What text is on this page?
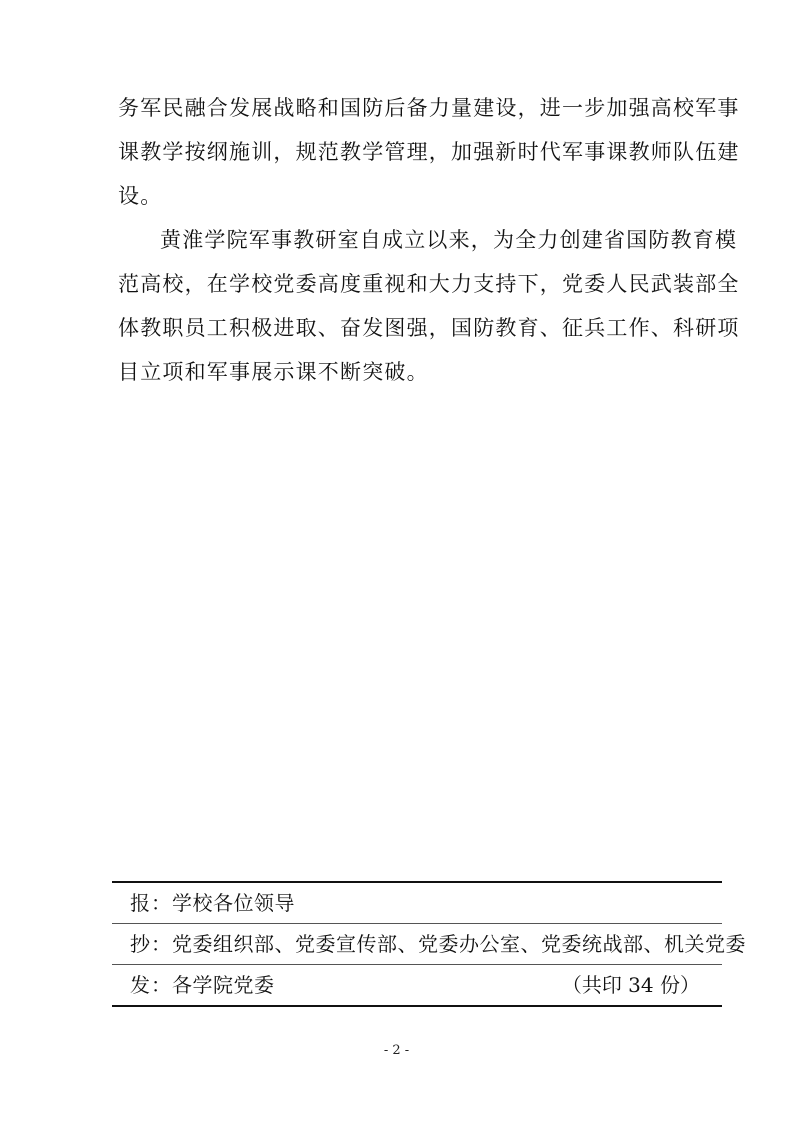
务军民融合发展战略和国防后备力量建设，进一步加强高校军事
课教学按纲施训，规范教学管理，加强新时代军事课教师队伍建
设。
黄淮学院军事教研室自成立以来，为全力创建省国防教育模
范高校，在学校党委高度重视和大力支持下，党委人民武装部全
体教职员工积极进取、奋发图强，国防教育、征兵工作、科研项
目立项和军事展示课不断突破。
报：学校各位领导
抄：党委组织部、党委宣传部、党委办公室、党委统战部、机关党委
发：各学院党委	（共印 34 份）
- 2 -
